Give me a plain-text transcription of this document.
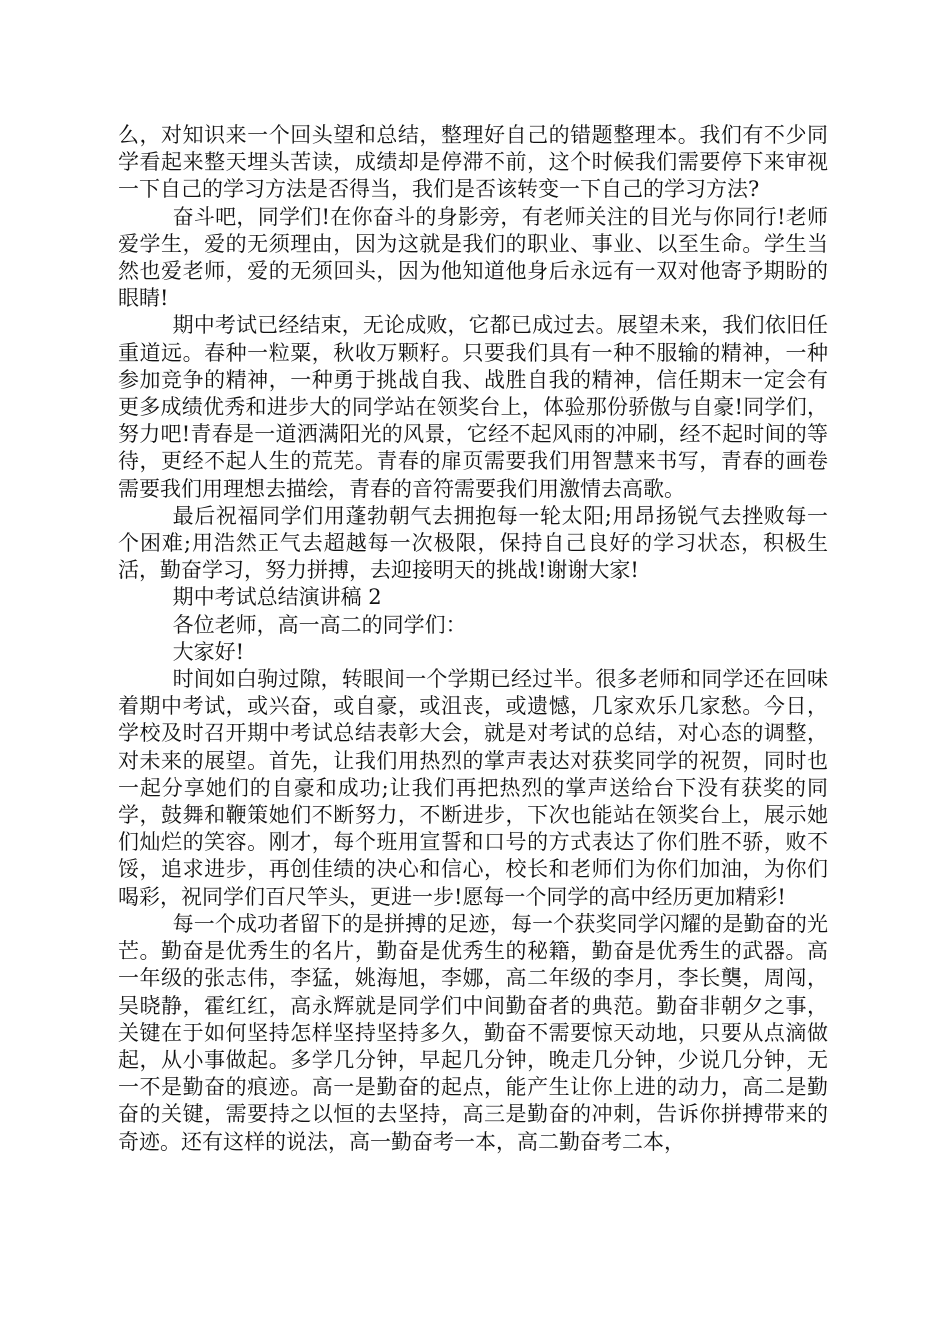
么，对知识来一个回头望和总结，整理好自己的错题整理本。我们有不少同学看起来整天埋头苦读，成绩却是停滞不前，这个时候我们需要停下来审视一下自己的学习方法是否得当，我们是否该转变一下自己的学习方法?

奋斗吧，同学们!在你奋斗的身影旁，有老师关注的目光与你同行!老师爱学生，爱的无须理由，因为这就是我们的职业、事业、以至生命。学生当然也爱老师，爱的无须回头，因为他知道他身后永远有一双对他寄予期盼的眼睛!

期中考试已经结束，无论成败，它都已成过去。展望未来，我们依旧任重道远。春种一粒粟，秋收万颗籽。只要我们具有一种不服输的精神，一种参加竞争的精神，一种勇于挑战自我、战胜自我的精神，信任期末一定会有更多成绩优秀和进步大的同学站在领奖台上，体验那份骄傲与自豪!同学们，努力吧!青春是一道洒满阳光的风景，它经不起风雨的冲刷，经不起时间的等待，更经不起人生的荒芜。青春的扉页需要我们用智慧来书写，青春的画卷需要我们用理想去描绘，青春的音符需要我们用激情去高歌。

最后祝福同学们用蓬勃朝气去拥抱每一轮太阳;用昂扬锐气去挫败每一个困难;用浩然正气去超越每一次极限，保持自己良好的学习状态，积极生活，勤奋学习，努力拼搏，去迎接明天的挑战!谢谢大家!

期中考试总结演讲稿 2

各位老师，高一高二的同学们：

大家好!

时间如白驹过隙，转眼间一个学期已经过半。很多老师和同学还在回味着期中考试，或兴奋，或自豪，或沮丧，或遗憾，几家欢乐几家愁。今日，学校及时召开期中考试总结表彰大会，就是对考试的总结，对心态的调整，对未来的展望。首先，让我们用热烈的掌声表达对获奖同学的祝贺，同时也一起分享她们的自豪和成功;让我们再把热烈的掌声送给台下没有获奖的同学，鼓舞和鞭策她们不断努力，不断进步，下次也能站在领奖台上，展示她们灿烂的笑容。刚才，每个班用宣誓和口号的方式表达了你们胜不骄，败不馁，追求进步，再创佳绩的决心和信心，校长和老师们为你们加油，为你们喝彩，祝同学们百尺竿头，更进一步!愿每一个同学的高中经历更加精彩!

每一个成功者留下的是拼搏的足迹，每一个获奖同学闪耀的是勤奋的光芒。勤奋是优秀生的名片，勤奋是优秀生的秘籍，勤奋是优秀生的武器。高一年级的张志伟，李猛，姚海旭，李娜，高二年级的李月，李长龑，周闯，吴晓静，霍红红，高永辉就是同学们中间勤奋者的典范。勤奋非朝夕之事，关键在于如何坚持怎样坚持坚持多久，勤奋不需要惊天动地，只要从点滴做起，从小事做起。多学几分钟，早起几分钟，晚走几分钟，少说几分钟，无一不是勤奋的痕迹。高一是勤奋的起点，能产生让你上进的动力，高二是勤奋的关键，需要持之以恒的去坚持，高三是勤奋的冲刺，告诉你拼搏带来的奇迹。还有这样的说法，高一勤奋考一本，高二勤奋考二本，
